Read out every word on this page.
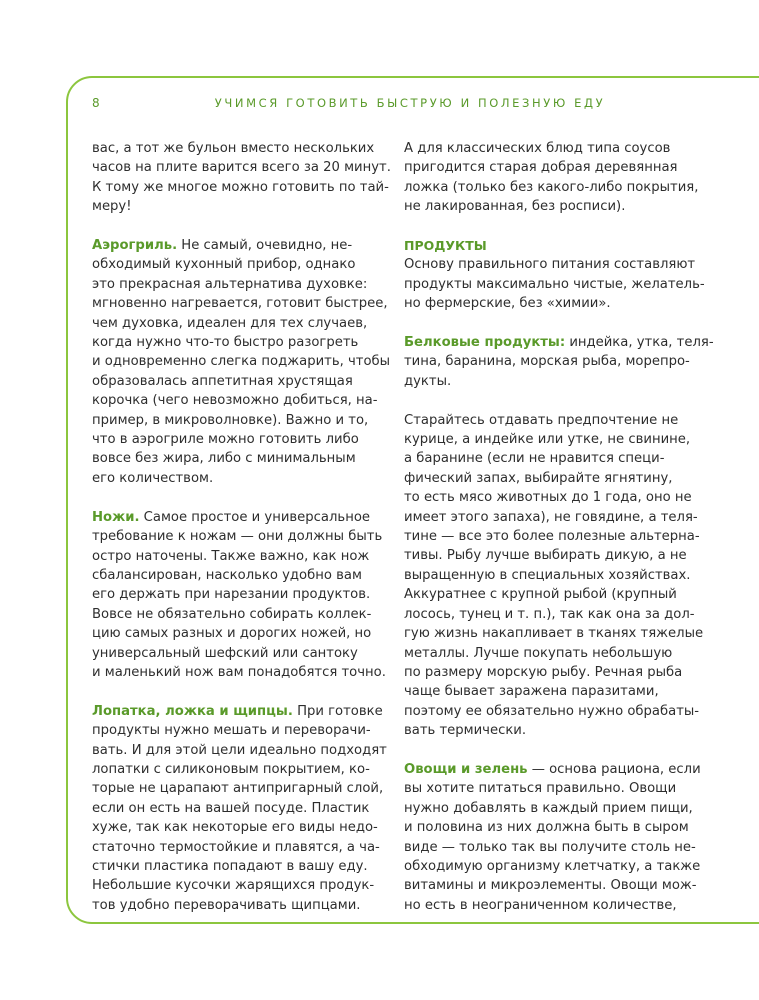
8	УЧИМСЯ ГОТОВИТЬ БЫСТРУЮ И ПОЛЕЗНУЮ ЕДУ

вас, а тот же бульон вместо нескольких
часов на плите варится всего за 20 минут.
К тому же многое можно готовить по тай-
меру!

Аэрогриль. Не самый, очевидно, не-
обходимый кухонный прибор, однако
это прекрасная альтернатива духовке:
мгновенно нагревается, готовит быстрее,
чем духовка, идеален для тех случаев,
когда нужно что-то быстро разогреть
и одновременно слегка поджарить, чтобы
образовалась аппетитная хрустящая
корочка (чего невозможно добиться, на-
пример, в микроволновке). Важно и то,
что в аэрогриле можно готовить либо
вовсе без жира, либо с минимальным
его количеством.

Ножи. Самое простое и универсальное
требование к ножам — они должны быть
остро наточены. Также важно, как нож
сбалансирован, насколько удобно вам
его держать при нарезании продуктов.
Вовсе не обязательно собирать коллек-
цию самых разных и дорогих ножей, но
универсальный шефский или сантоку
и маленький нож вам понадобятся точно.

Лопатка, ложка и щипцы. При готовке
продукты нужно мешать и переворачи-
вать. И для этой цели идеально подходят
лопатки с силиконовым покрытием, ко-
торые не царапают антипригарный слой,
если он есть на вашей посуде. Пластик
хуже, так как некоторые его виды недо-
статочно термостойкие и плавятся, а ча-
стички пластика попадают в вашу еду.
Небольшие кусочки жарящихся продук-
тов удобно переворачивать щипцами.

А для классических блюд типа соусов
пригодится старая добрая деревянная
ложка (только без какого-либо покрытия,
не лакированная, без росписи).

ПРОДУКТЫ
Основу правильного питания составляют
продукты максимально чистые, желатель-
но фермерские, без «химии».

Белковые продукты: индейка, утка, теля-
тина, баранина, морская рыба, морепро-
дукты.

Старайтесь отдавать предпочтение не
курице, а индейке или утке, не свинине,
а баранине (если не нравится специ-
фический запах, выбирайте ягнятину,
то есть мясо животных до 1 года, оно не
имеет этого запаха), не говядине, а теля-
тине — все это более полезные альтерна-
тивы. Рыбу лучше выбирать дикую, а не
выращенную в специальных хозяйствах.
Аккуратнее с крупной рыбой (крупный
лосось, тунец и т. п.), так как она за дол-
гую жизнь накапливает в тканях тяжелые
металлы. Лучше покупать небольшую
по размеру морскую рыбу. Речная рыба
чаще бывает заражена паразитами,
поэтому ее обязательно нужно обрабаты-
вать термически.

Овощи и зелень — основа рациона, если
вы хотите питаться правильно. Овощи
нужно добавлять в каждый прием пищи,
и половина из них должна быть в сыром
виде — только так вы получите столь не-
обходимую организму клетчатку, а также
витамины и микроэлементы. Овощи мож-
но есть в неограниченном количестве,
